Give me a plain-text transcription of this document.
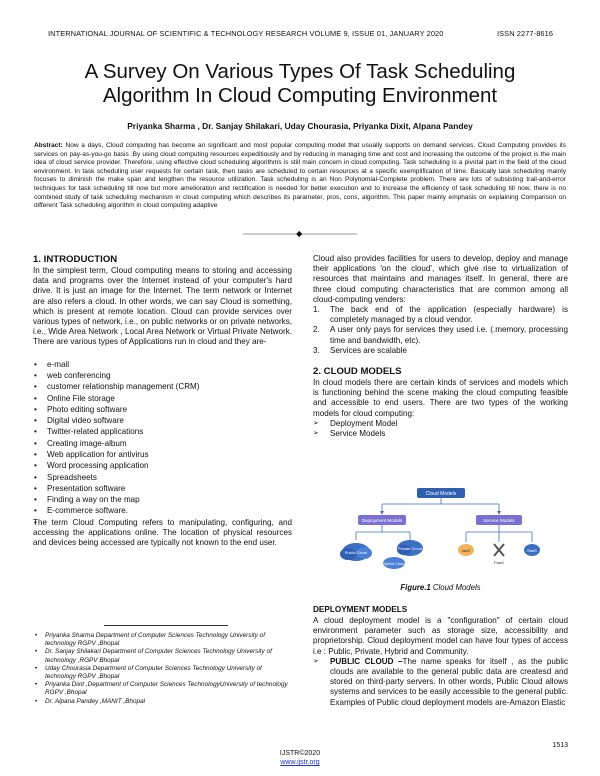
INTERNATIONAL JOURNAL OF SCIENTIFIC & TECHNOLOGY RESEARCH VOLUME 9, ISSUE 01, JANUARY 2020	ISSN 2277-8616
A Survey On Various Types Of Task Scheduling
Algorithm In Cloud Computing Environment
Priyanka Sharma , Dr. Sanjay Shilakari, Uday Chourasia, Priyanka Dixit, Alpana Pandey
Abstract: Now a days, Cloud computing has become an significant and most popular computing model that usually supports on demand services. Cloud Computing provides its services on pay-as-you-go basis .By using cloud computing resources expeditiously and by reducing in managing time and cost and increasing the outcome of the project is the main idea of cloud service provider. Therefore, using effective cloud scheduling algorithms is still main concern in cloud computing. Task scheduling is a pivotal part in the field of the cloud environment. In task scheduling user requests for certain task, then tasks are scheduled to certain resources at a specific exemplification of time. Basically task scheduling mainly focuses to diminish the make span and lengthen the resource utilization. Task scheduling is an Non Polynomial-Complete problem. There are lots of subsisting trail-and-error techniques for task scheduling till now but more amelioration and rectification is needed for better execution and to increase the efficiency of task scheduling till now, there is no combined study of task scheduling mechanism in cloud computing which describes its parameter, pros, cons, algorithm. This paper mainly emphasis on explaining Comparison on different Task scheduling algorithm in cloud computing adaptive
1. INTRODUCTION
In the simplest term, Cloud computing means to storing and accessing data and programs over the Internet instead of your computer's hard drive. It is just an image for the Internet. The term network or Internet are also refers a cloud. In other words, we can say Cloud is something, which is present at remote location. Cloud can provide services over various types of network, i.e., on public networks or on private networks, i.e., Wide Area Network , Local Area Network or Virtual Private Network. There are various types of Applications run in cloud and they are-
• e-mail
• web conferencing
• customer relationship management (CRM)
• Online File storage
• Photo editing software
• Digital video software
• Twitter-related applications
• Creating image-album
• Web application for antivirus
• Word processing application
• Spreadsheets
• Presentation software
• Finding a way on the map
• E-commerce software.
The term Cloud Computing refers to manipulating, configuring, and accessing the applications online. The location of physical resources and devices being accessed are typically not known to the end user.
• Priyanka Sharma Department of Computer Sciences Technology University of technology RGPV ,Bhopal
• Dr. Sanjay Shilakari Department of Computer Sciences Technology University of technology ,RGPV Bhopal
• Uday Chourasia Department of Computer Sciences Technology University of technology RGPV ,Bhopal
• Priyanka Dixit ,Department of Computer Sciences TechnologyUniversity of technology RGPV ,Bhopal
• Dr. Alpana Pandey ,MANIT ,Bhopal
Cloud also provides facilities for users to develop, deploy and manage their applications 'on the cloud', which give rise to virtualization of resources that maintains and manages itself. In general, there are three cloud computing characteristics that are common among all cloud-computing venders:
1. The back end of the application (especially hardware) is completely managed by a cloud vendor.
2. A user only pays for services they used i.e. (.memory, processing time and bandwidth, etc).
3. Services are scalable
2. CLOUD MODELS
In cloud models there are certain kinds of services and models which is functioning behind the scene making the cloud computing feasible and accessible to end users. There are two types of the working models for cloud computing:
➢ Deployment Model
➢ Service Models
Cloud Models
Deployment Models	Service Models
Public Cloud
Private Cloud
Hybrid Cloud
IaaS
PaaS
SaaS
Figure.1 Cloud Models
DEPLOYMENT MODELS
A cloud deployment model is a "configuration" of certain cloud environment parameter such as storage size, accessibility and proprietorship. Cloud deployment model can have four types of access i.e : Public, Private, Hybrid and Community.
➢ PUBLIC CLOUD –The name speaks for itself , as the public clouds are available to the general public data are createsd and stored on third-party servers. In other words, Public Cloud allows systems and services to be easily accessible to the general public. Examples of Public cloud deployment models are-Amazon Elastic
IJSTR©2020
www.ijstr.org
1513
